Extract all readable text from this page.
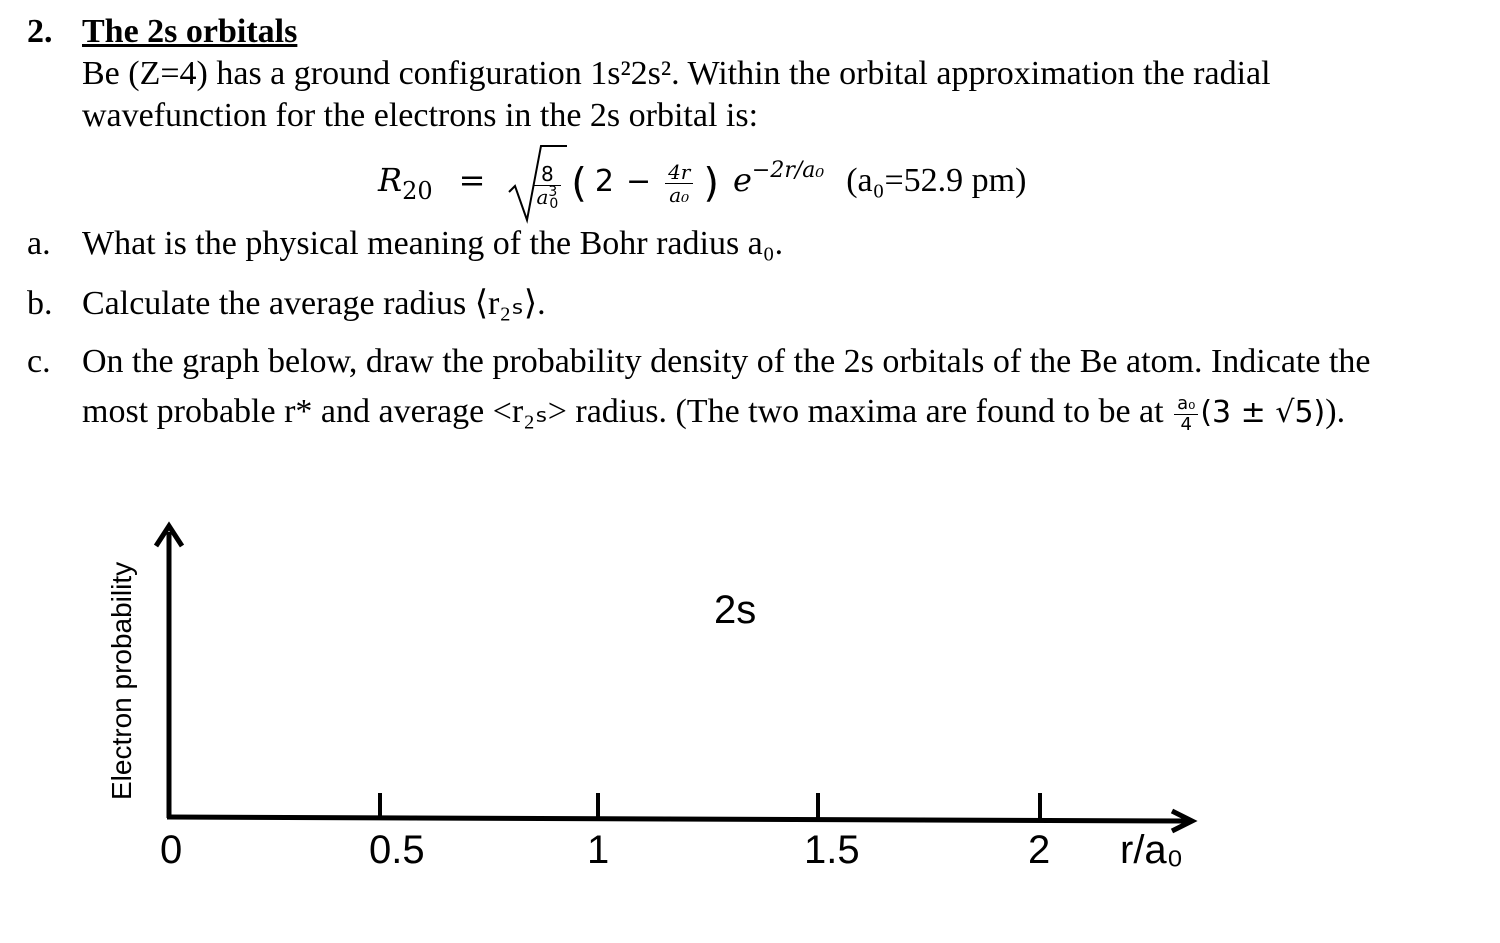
2. The 2s orbitals
Be (Z=4) has a ground configuration 1s²2s². Within the orbital approximation the radial
wavefunction for the electrons in the 2s orbital is:
$R_{20} = \frac{8}{a^3_0}$ ( $2 - \frac{4r}{\text{a₀}}$ ) $e^{-2r/a_0}$ (a₀=52.9 pm)
a. What is the physical meaning of the Bohr radius a₀.
b. Calculate the average radius ⟨r₂ₛ⟩.
c. On the graph below, draw the probability density of the 2s orbitals of the Be atom. Indicate the
most probable r* and average <r₂ₛ> radius. (The two maxima are found to be at $\frac{\text{a₀}}{4} (3 \pm √5)$).
2s
Electron probability
0	0.5	1	1.5	2 r/a₀
